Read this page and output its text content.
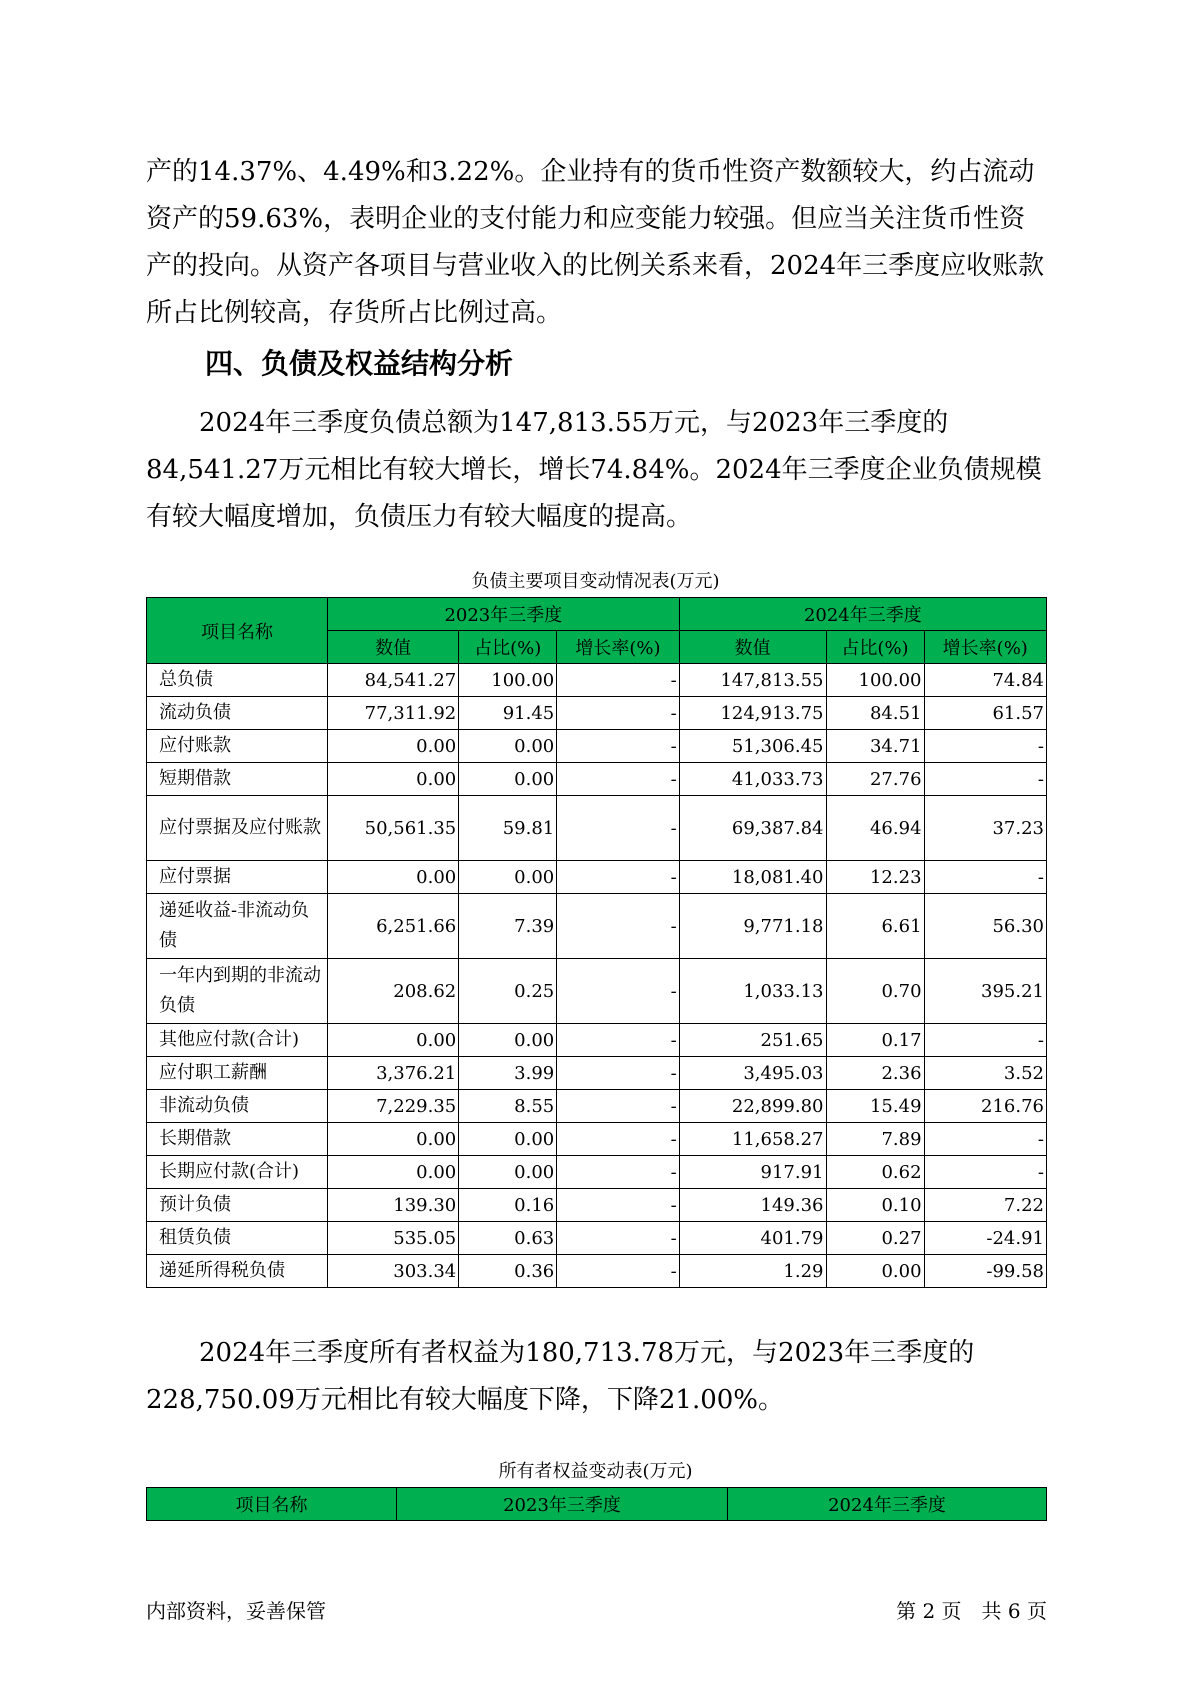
产的14.37%、4.49%和3.22%。企业持有的货币性资产数额较大，约占流动资产的59.63%，表明企业的支付能力和应变能力较强。但应当关注货币性资产的投向。从资产各项目与营业收入的比例关系来看，2024年三季度应收账款所占比例较高，存货所占比例过高。

四、负债及权益结构分析

2024年三季度负债总额为147,813.55万元，与2023年三季度的84,541.27万元相比有较大增长，增长74.84%。2024年三季度企业负债规模有较大幅度增加，负债压力有较大幅度的提高。

负债主要项目变动情况表(万元)
项目名称	2023年三季度			2024年三季度		
	数值	占比(%)	增长率(%)	数值	占比(%)	增长率(%)
总负债	84,541.27	100.00	-	147,813.55	100.00	74.84
流动负债	77,311.92	91.45	-	124,913.75	84.51	61.57
应付账款	0.00	0.00	-	51,306.45	34.71	-
短期借款	0.00	0.00	-	41,033.73	27.76	-
应付票据及应付账款	50,561.35	59.81	-	69,387.84	46.94	37.23
应付票据	0.00	0.00	-	18,081.40	12.23	-
递延收益-非流动负债	6,251.66	7.39	-	9,771.18	6.61	56.30
一年内到期的非流动负债	208.62	0.25	-	1,033.13	0.70	395.21
其他应付款(合计)	0.00	0.00	-	251.65	0.17	-
应付职工薪酬	3,376.21	3.99	-	3,495.03	2.36	3.52
非流动负债	7,229.35	8.55	-	22,899.80	15.49	216.76
长期借款	0.00	0.00	-	11,658.27	7.89	-
长期应付款(合计)	0.00	0.00	-	917.91	0.62	-
预计负债	139.30	0.16	-	149.36	0.10	7.22
租赁负债	535.05	0.63	-	401.79	0.27	-24.91
递延所得税负债	303.34	0.36	-	1.29	0.00	-99.58

2024年三季度所有者权益为180,713.78万元，与2023年三季度的228,750.09万元相比有较大幅度下降，下降21.00%。

所有者权益变动表(万元)
项目名称	2023年三季度	2024年三季度
内部资料，妥善保管	第 2 页　共 6 页
